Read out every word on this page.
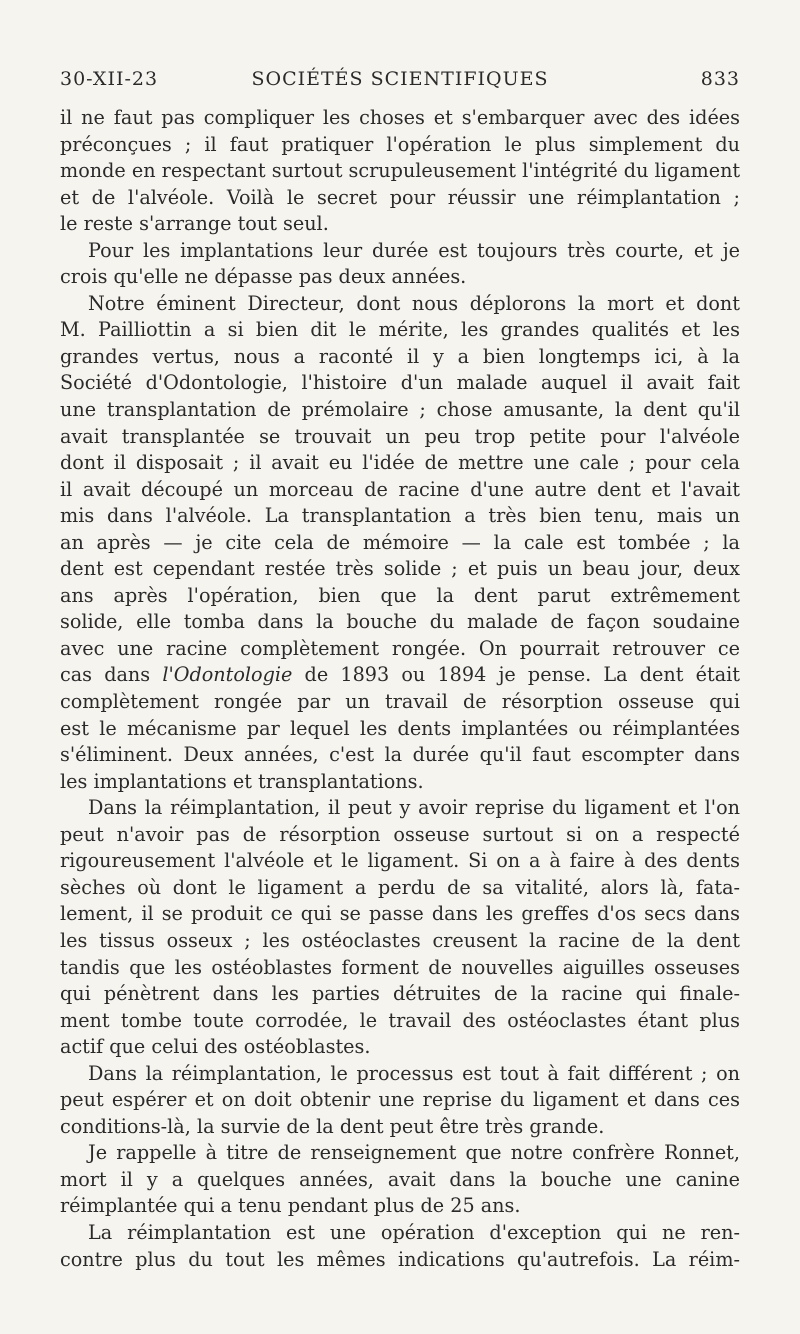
30-XII-23	SOCIÉTÉS SCIENTIFIQUES	833
il ne faut pas compliquer les choses et s'embarquer avec des idées
préconçues ; il faut pratiquer l'opération le plus simplement du
monde en respectant surtout scrupuleusement l'intégrité du ligament
et de l'alvéole. Voilà le secret pour réussir une réimplantation ;
le reste s'arrange tout seul.
Pour les implantations leur durée est toujours très courte, et je
crois qu'elle ne dépasse pas deux années.
Notre éminent Directeur, dont nous déplorons la mort et dont
M. Pailliottin a si bien dit le mérite, les grandes qualités et les
grandes vertus, nous a raconté il y a bien longtemps ici, à la
Société d'Odontologie, l'histoire d'un malade auquel il avait fait
une transplantation de prémolaire ; chose amusante, la dent qu'il
avait transplantée se trouvait un peu trop petite pour l'alvéole
dont il disposait ; il avait eu l'idée de mettre une cale ; pour cela
il avait découpé un morceau de racine d'une autre dent et l'avait
mis dans l'alvéole. La transplantation a très bien tenu, mais un
an après — je cite cela de mémoire — la cale est tombée ; la
dent est cependant restée très solide ; et puis un beau jour, deux
ans après l'opération, bien que la dent parut extrêmement
solide, elle tomba dans la bouche du malade de façon soudaine
avec une racine complètement rongée. On pourrait retrouver ce
cas dans l'Odontologie de 1893 ou 1894 je pense. La dent était
complètement rongée par un travail de résorption osseuse qui
est le mécanisme par lequel les dents implantées ou réimplantées
s'éliminent. Deux années, c'est la durée qu'il faut escompter dans
les implantations et transplantations.
Dans la réimplantation, il peut y avoir reprise du ligament et l'on
peut n'avoir pas de résorption osseuse surtout si on a respecté
rigoureusement l'alvéole et le ligament. Si on a à faire à des dents
sèches où dont le ligament a perdu de sa vitalité, alors là, fata-
lement, il se produit ce qui se passe dans les greffes d'os secs dans
les tissus osseux ; les ostéoclastes creusent la racine de la dent
tandis que les ostéoblastes forment de nouvelles aiguilles osseuses
qui pénètrent dans les parties détruites de la racine qui finale-
ment tombe toute corrodée, le travail des ostéoclastes étant plus
actif que celui des ostéoblastes.
Dans la réimplantation, le processus est tout à fait différent ; on
peut espérer et on doit obtenir une reprise du ligament et dans ces
conditions-là, la survie de la dent peut être très grande.
Je rappelle à titre de renseignement que notre confrère Ronnet,
mort il y a quelques années, avait dans la bouche une canine
réimplantée qui a tenu pendant plus de 25 ans.
La réimplantation est une opération d'exception qui ne ren-
contre plus du tout les mêmes indications qu'autrefois. La réim-
